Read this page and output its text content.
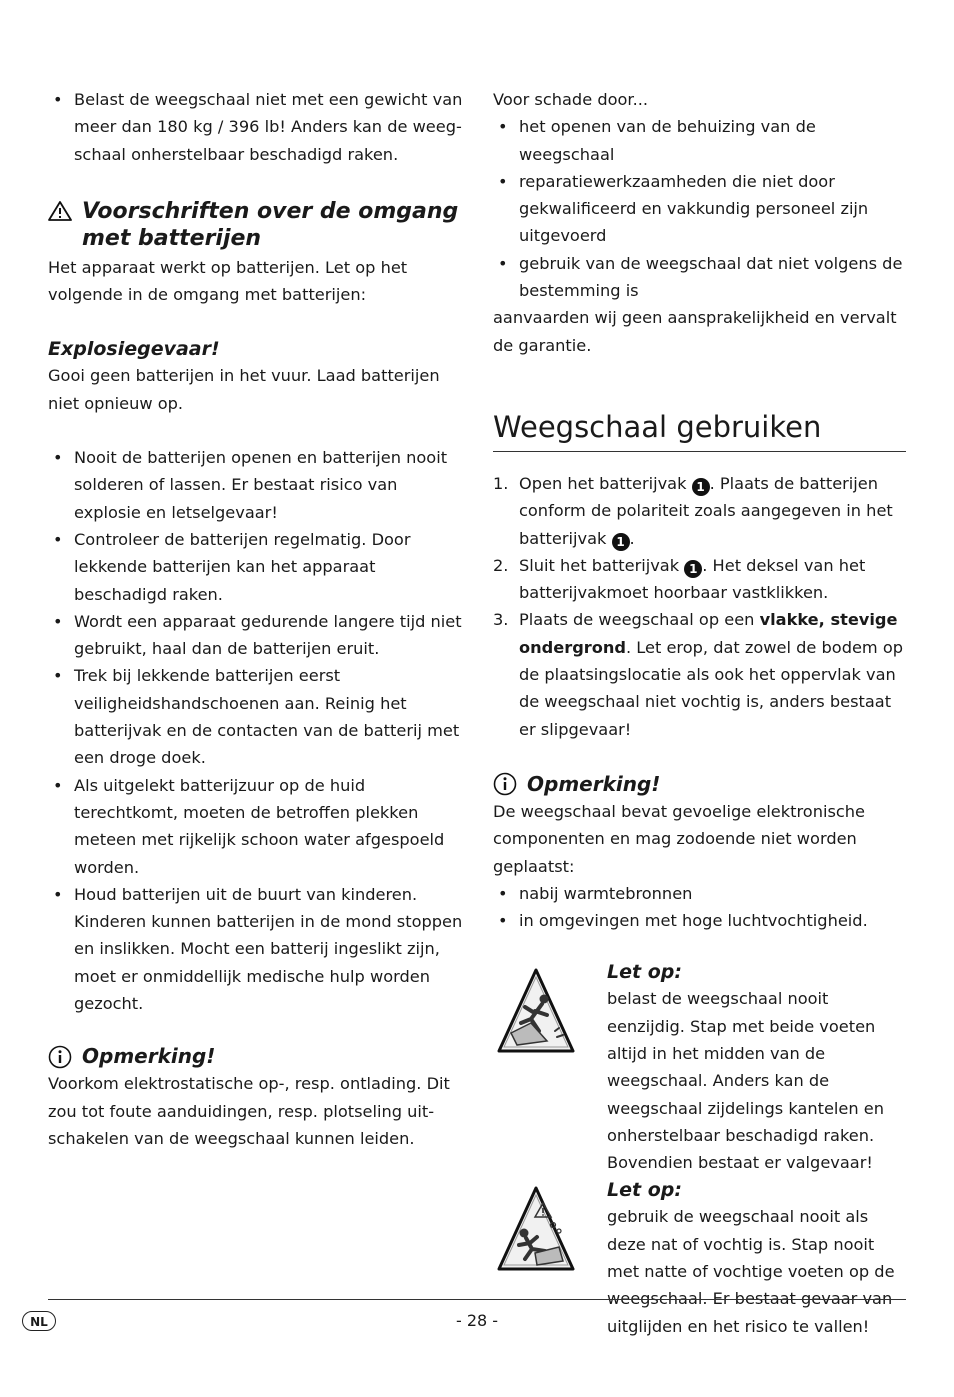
• Belast de weegschaal niet met een gewicht van meer dan 180 kg / 396 lb! Anders kan de weegschaal onherstelbaar beschadigd raken.
Voorschriften over de omgang met batterijen

Het apparaat werkt op batterijen. Let op het volgende in de omgang met batterijen:

Explosiegevaar!

Gooi geen batterijen in het vuur. Laad batterijen niet opnieuw op.

• Nooit de batterijen openen en batterijen nooit solderen of lassen. Er bestaat risico van explosie en letselgevaar!
• Controleer de batterijen regelmatig. Door lekkende batterijen kan het apparaat beschadigd raken.
• Wordt een apparaat gedurende langere tijd niet gebruikt, haal dan de batterijen eruit.
• Trek bij lekkende batterijen eerst veiligheidshandschoenen aan. Reinig het batterijvak en de contacten van de batterij met een droge doek.
• Als uitgelekt batterijzuur op de huid terechtkomt, moeten de betroffen plekken meteen met rijkelijk schoon water afgespoeld worden.
• Houd batterijen uit de buurt van kinderen. Kinderen kunnen batterijen in de mond stoppen en inslikken. Mocht een batterij ingeslikt zijn, moet er onmiddellijk medische hulp worden gezocht.
Opmerking!

Voorkom elektrostatische op-, resp. ontlading. Dit zou tot foute aanduidingen, resp. plotseling uitschakelen van de weegschaal kunnen leiden.

Voor schade door...

• het openen van de behuizing van de weegschaal
• reparatiewerkzaamheden die niet door gekwalificeerd en vakkundig personeel zijn uitgevoerd
• gebruik van de weegschaal dat niet volgens de bestemming is

aanvaarden wij geen aansprakelijkheid en vervalt de garantie.

Weegschaal gebruiken
1. Open het batterijvak 1 . Plaats de batterijen conform de polariteit zoals aangegeven in het batterijvak 1 .
2. Sluit het batterijvak 1 . Het deksel van het batterijvakmoet hoorbaar vastklikken.
3. Plaats de weegschaal op een vlakke, stevige ondergrond. Let erop, dat zowel de bodem op de plaatsingslocatie als ook het oppervlak van de weegschaal niet vochtig is, anders bestaat er slipgevaar!
Opmerking!

De weegschaal bevat gevoelige elektronische componenten en mag zodoende niet worden geplaatst:

• nabij warmtebronnen
• in omgevingen met hoge luchtvochtigheid.
Let op:

belast de weegschaal nooit eenzijdig. Stap met beide voeten altijd in het midden van de weegschaal. Anders kan de weegschaal zijdelings kantelen en onherstelbaar beschadigd raken. Bovendien bestaat er valgevaar!

Let op:

gebruik de weegschaal nooit als deze nat of vochtig is. Stap nooit met natte of vochtige voeten op de weegschaal. Er bestaat gevaar van uitglijden en het risico te vallen!

NL	- 28 -
